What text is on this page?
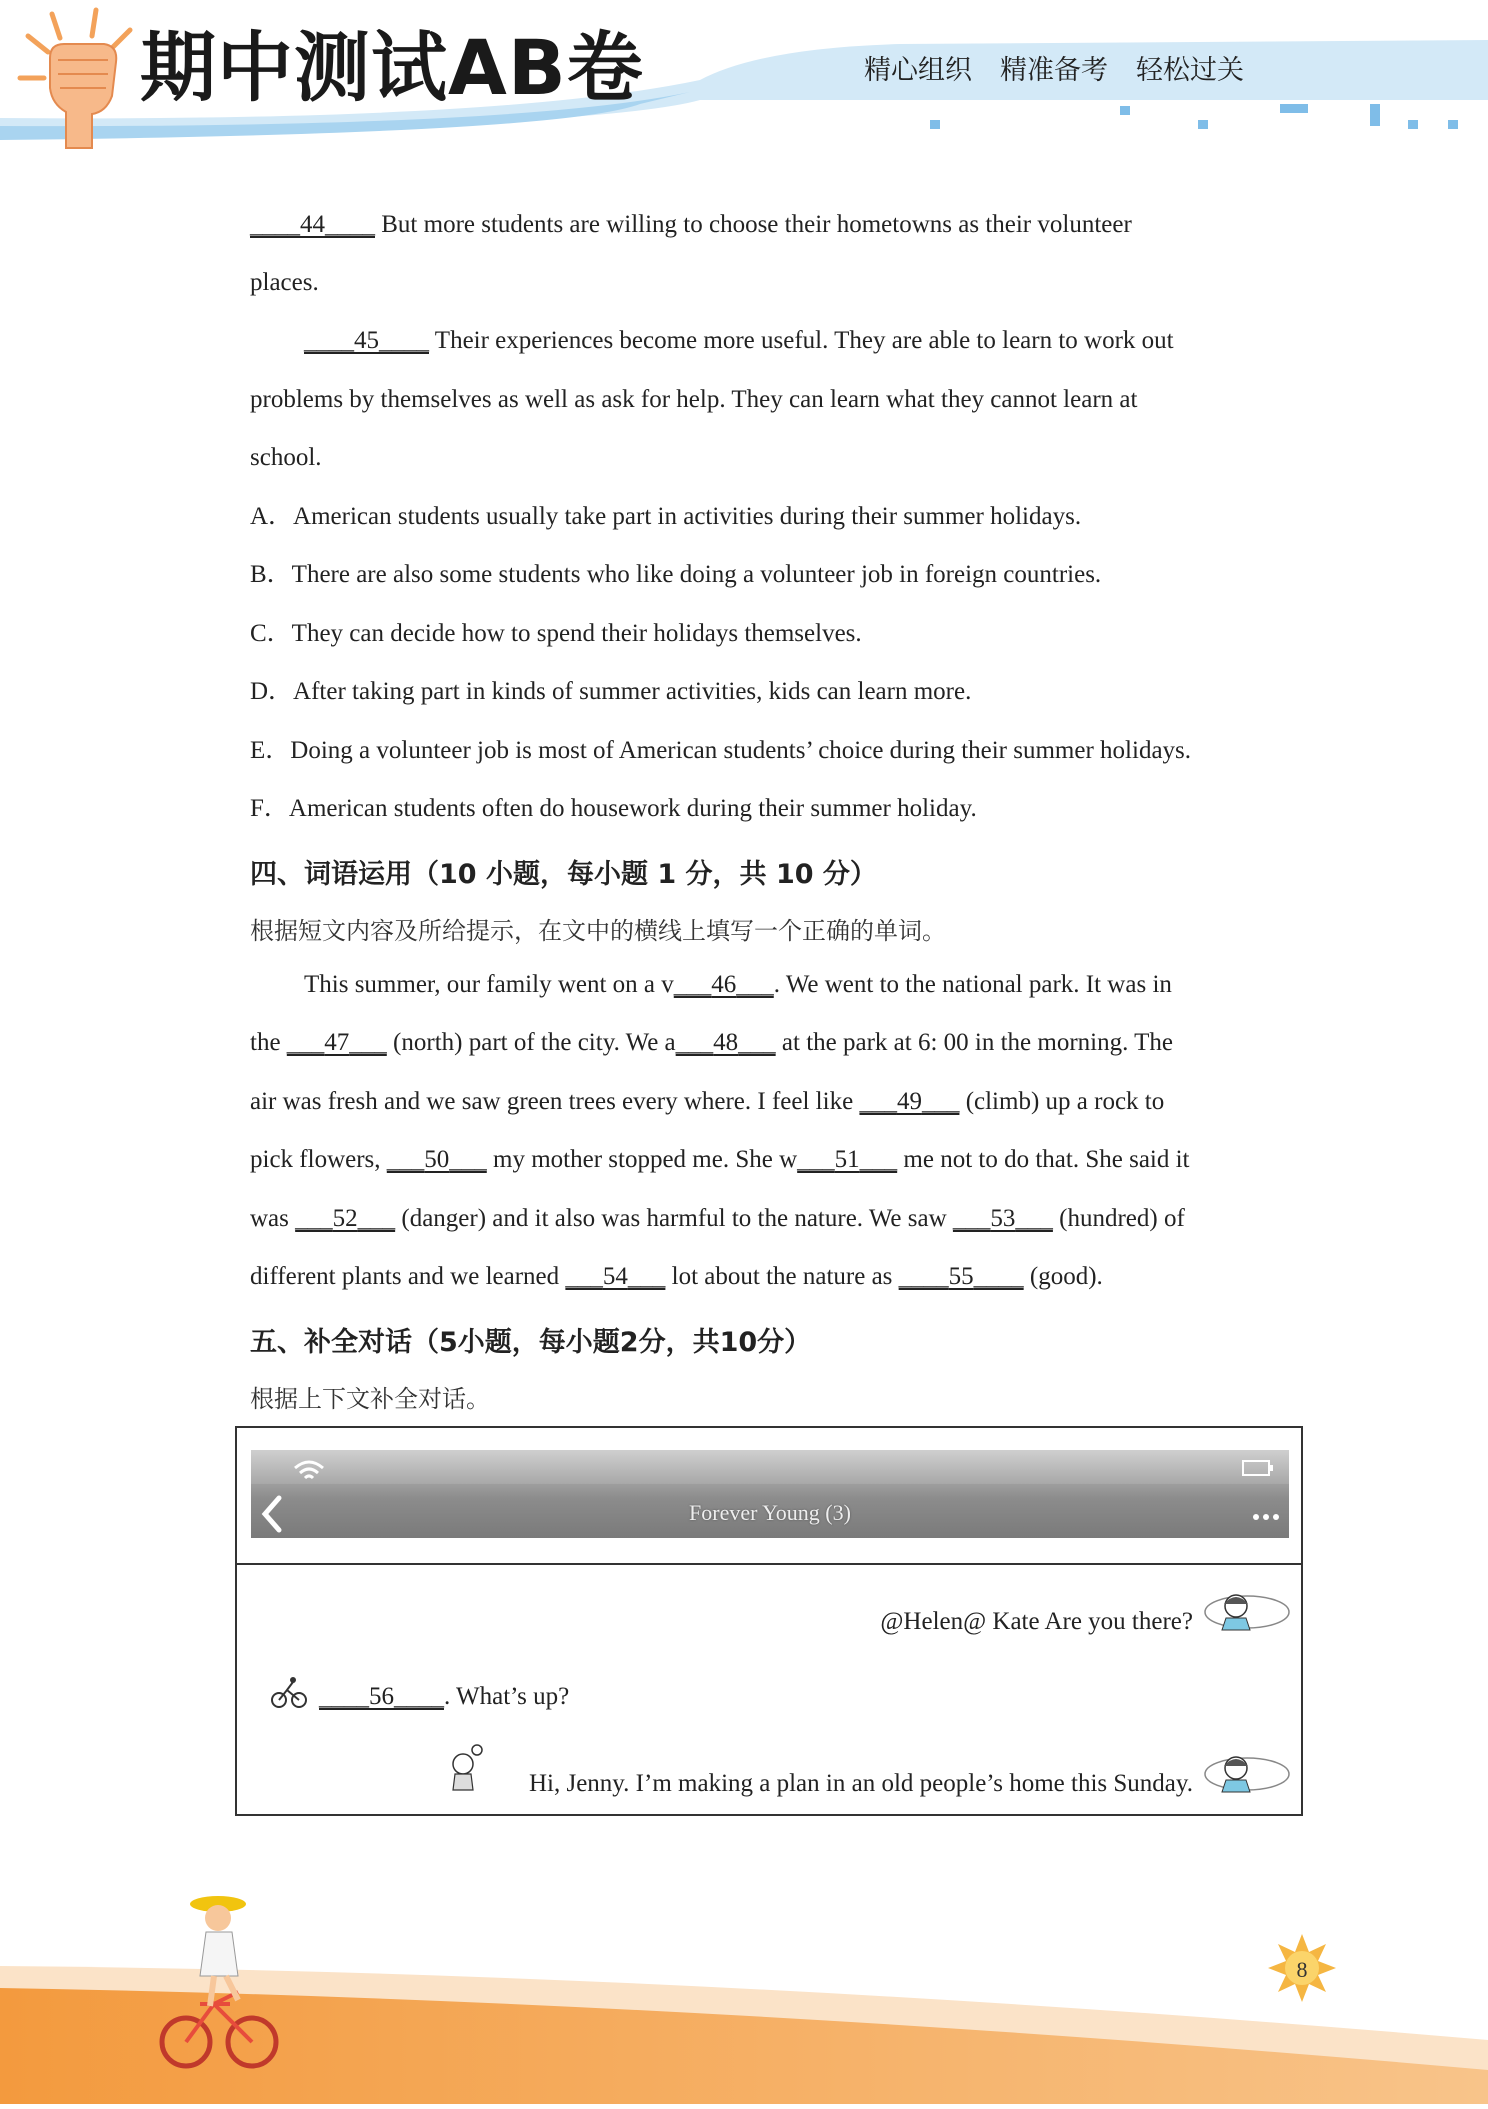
期中测试AB卷	精心组织 精准备考 轻松过关
____44____ But more students are willing to choose their hometowns as their volunteer
places.
____45____ Their experiences become more useful. They are able to learn to work out
problems by themselves as well as ask for help. They can learn what they cannot learn at
school.
A．American students usually take part in activities during their summer holidays.
B．There are also some students who like doing a volunteer job in foreign countries.
C．They can decide how to spend their holidays themselves.
D．After taking part in kinds of summer activities, kids can learn more.
E．Doing a volunteer job is most of American students’ choice during their summer holidays.
F．American students often do housework during their summer holiday.
四、词语运用（10 小题，每小题 1 分，共 10 分）
根据短文内容及所给提示，在文中的横线上填写一个正确的单词。
This summer, our family went on a v___46___. We went to the national park. It was in
the ___47___ (north) part of the city. We a___48___ at the park at 6: 00 in the morning. The
air was fresh and we saw green trees every where. I feel like ___49___ (climb) up a rock to
pick flowers, ___50___ my mother stopped me. She w___51___ me not to do that. She said it
was ___52___ (danger) and it also was harmful to the nature. We saw ___53___ (hundred) of
different plants and we learned ___54___ lot about the nature as ____55____ (good).
五、补全对话（5小题，每小题2分，共10分）
根据上下文补全对话。
Forever Young (3)
@Helen@ Kate Are you there?
____56____. What’s up?
Hi, Jenny. I’m making a plan in an old people’s home this Sunday.
8
